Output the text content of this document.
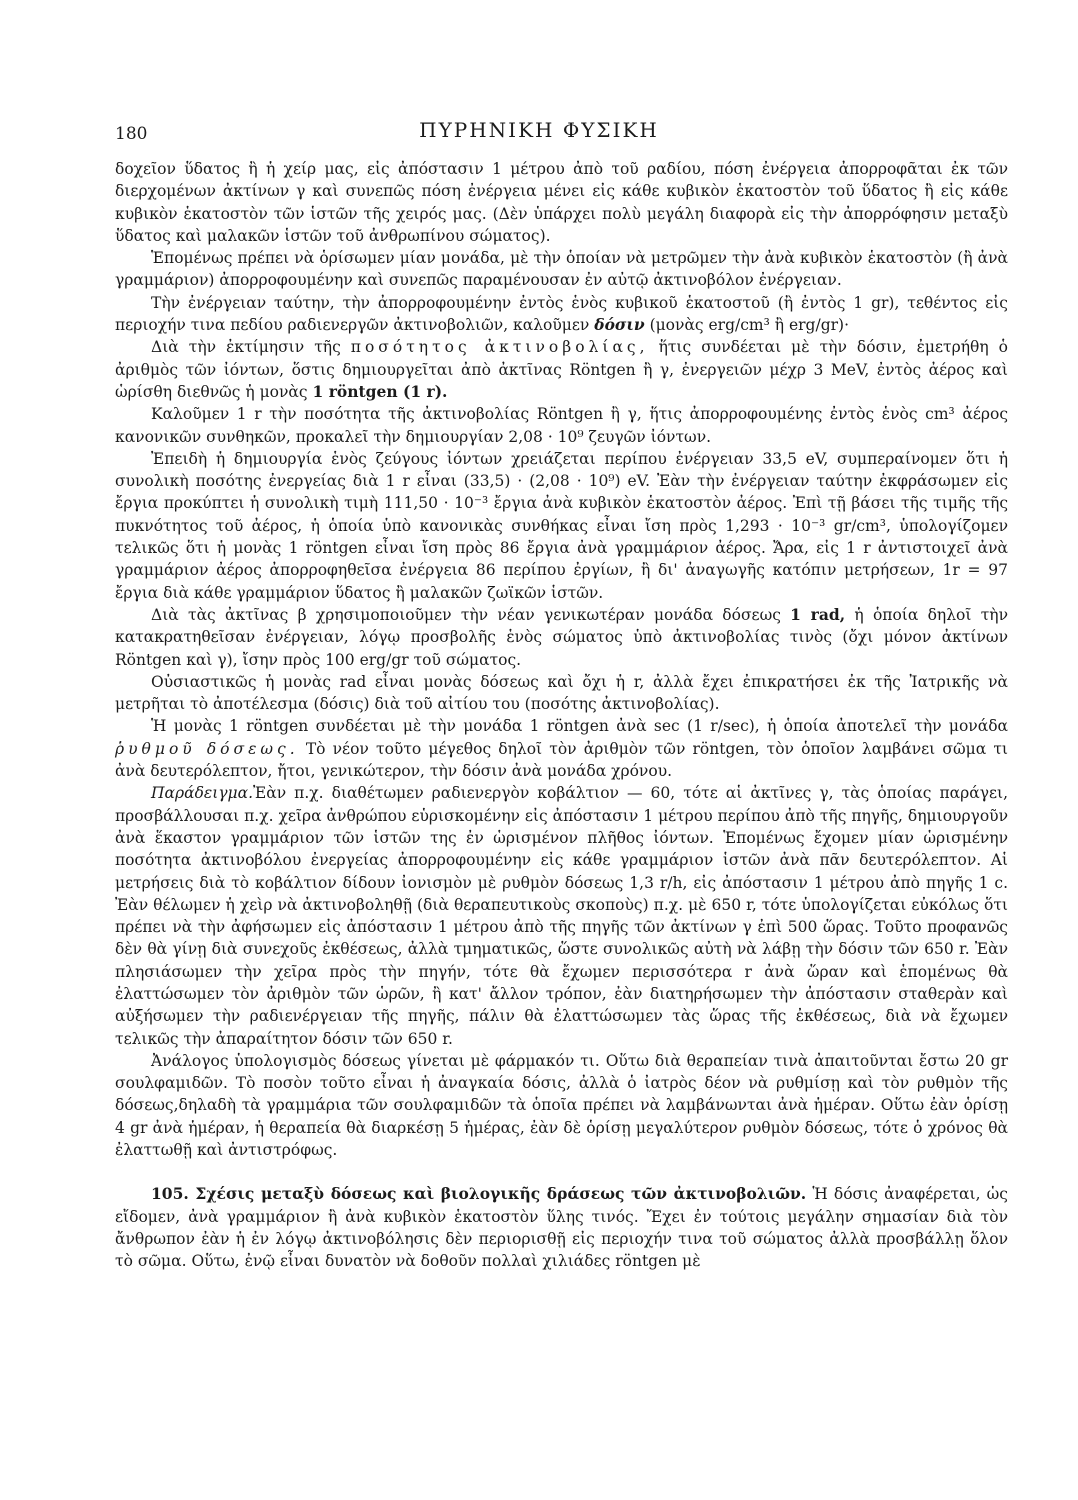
180	ΠΥΡΗΝΙΚΗ ΦΥΣΙΚΗ

δοχεῖον ὕδατος ἢ ἡ χείρ μας, εἰς ἀπόστασιν 1 μέτρου ἀπὸ τοῦ ραδίου, πόση ἐνέργεια ἀπορροφᾶται ἐκ τῶν διερχομένων ἀκτίνων γ καὶ συνεπῶς πόση ἐνέργεια μένει εἰς κάθε κυβικὸν ἑκατοστὸν τοῦ ὕδατος ἢ εἰς κάθε κυβικὸν ἑκατοστὸν τῶν ἱστῶν τῆς χειρός μας. (Δὲν ὑπάρχει πολὺ μεγάλη διαφορὰ εἰς τὴν ἀπορρόφησιν μεταξὺ ὕδατος καὶ μαλακῶν ἱστῶν τοῦ ἀνθρωπίνου σώματος).

Ἑπομένως πρέπει νὰ ὁρίσωμεν μίαν μονάδα, μὲ τὴν ὁποίαν νὰ μετρῶμεν τὴν ἀνὰ κυβικὸν ἑκατοστὸν (ἢ ἀνὰ γραμμάριον) ἀπορροφουμένην καὶ συνεπῶς παραμένουσαν ἐν αὐτῷ ἀκτινοβόλον ἐνέργειαν.

Τὴν ἐνέργειαν ταύτην, τὴν ἀπορροφουμένην ἐντὸς ἑνὸς κυβικοῦ ἑκατοστοῦ (ἢ ἐντὸς 1 gr), τεθέντος εἰς περιοχήν τινα πεδίου ραδιενεργῶν ἀκτινοβολιῶν, καλοῦμεν δόσιν (μονὰς erg/cm³ ἢ erg/gr)·

Διὰ τὴν ἐκτίμησιν τῆς ποσότητος ἀκτινοβολίας, ἥτις συνδέεται μὲ τὴν δόσιν, ἐμετρήθη ὁ ἀριθμὸς τῶν ἰόντων, ὅστις δημιουργεῖται ἀπὸ ἀκτῖνας Röntgen ἢ γ, ἐνεργειῶν μέχρ 3 MeV, ἐντὸς ἀέρος καὶ ὡρίσθη διεθνῶς ἡ μονὰς 1 röntgen (1 r).

Καλοῦμεν 1 r τὴν ποσότητα τῆς ἀκτινοβολίας Röntgen ἢ γ, ἥτις ἀπορροφουμένης ἐντὸς ἑνὸς cm³ ἀέρος κανονικῶν συνθηκῶν, προκαλεῖ τὴν δημιουργίαν 2,08 · 10⁹ ζευγῶν ἰόντων.

Ἐπειδὴ ἡ δημιουργία ἑνὸς ζεύγους ἰόντων χρειάζεται περίπου ἐνέργειαν 33,5 eV, συμπεραίνομεν ὅτι ἡ συνολικὴ ποσότης ἐνεργείας διὰ 1 r εἶναι (33,5) · (2,08 · 10⁹) eV. Ἐὰν τὴν ἐνέργειαν ταύτην ἐκφράσωμεν εἰς ἔργια προκύπτει ἡ συνολικὴ τιμὴ 111,50 · 10⁻³ ἔργια ἀνὰ κυβικὸν ἑκατοστὸν ἀέρος. Ἐπὶ τῇ βάσει τῆς τιμῆς τῆς πυκνότητος τοῦ ἀέρος, ἡ ὁποία ὑπὸ κανονικὰς συνθήκας εἶναι ἴση πρὸς 1,293 · 10⁻³ gr/cm³, ὑπολογίζομεν τελικῶς ὅτι ἡ μονὰς 1 röntgen εἶναι ἴση πρὸς 86 ἔργια ἀνὰ γραμμάριον ἀέρος. Ἄρα, εἰς 1 r ἀντιστοιχεῖ ἀνὰ γραμμάριον ἀέρος ἀπορροφηθεῖσα ἐνέργεια 86 περίπου ἐργίων, ἢ δι' ἀναγωγῆς κατόπιν μετρήσεων, 1r = 97 ἔργια διὰ κάθε γραμμάριον ὕδατος ἢ μαλακῶν ζωϊκῶν ἱστῶν.

Διὰ τὰς ἀκτῖνας β χρησιμοποιοῦμεν τὴν νέαν γενικωτέραν μονάδα δόσεως 1 rad, ἡ ὁποία δηλοῖ τὴν κατακρατηθεῖσαν ἐνέργειαν, λόγῳ προσβολῆς ἑνὸς σώματος ὑπὸ ἀκτινοβολίας τινὸς (ὄχι μόνον ἀκτίνων Röntgen καὶ γ), ἴσην πρὸς 100 erg/gr τοῦ σώματος.

Οὐσιαστικῶς ἡ μονὰς rad εἶναι μονὰς δόσεως καὶ ὄχι ἡ r, ἀλλὰ ἔχει ἐπικρατήσει ἐκ τῆς Ἰατρικῆς νὰ μετρῆται τὸ ἀποτέλεσμα (δόσις) διὰ τοῦ αἰτίου του (ποσότης ἀκτινοβολίας).

Ἡ μονὰς 1 röntgen συνδέεται μὲ τὴν μονάδα 1 röntgen ἀνὰ sec (1 r/sec), ἡ ὁποία ἀποτελεῖ τὴν μονάδα ῥυθμοῦ δόσεως. Τὸ νέον τοῦτο μέγεθος δηλοῖ τὸν ἀριθμὸν τῶν röntgen, τὸν ὁποῖον λαμβάνει σῶμα τι ἀνὰ δευτερόλεπτον, ἤτοι, γενικώτερον, τὴν δόσιν ἀνὰ μονάδα χρόνου.

Παράδειγμα.Ἐὰν π.χ. διαθέτωμεν ραδιενεργὸν κοβάλτιον — 60, τότε αἱ ἀκτῖνες γ, τὰς ὁποίας παράγει, προσβάλλουσαι π.χ. χεῖρα ἀνθρώπου εὑρισκομένην εἰς ἀπόστασιν 1 μέτρου περίπου ἀπὸ τῆς πηγῆς, δημιουργοῦν ἀνὰ ἕκαστον γραμμάριον τῶν ἱστῶν της ἐν ὡρισμένον πλῆθος ἰόντων. Ἑπομένως ἔχομεν μίαν ὡρισμένην ποσότητα ἀκτινοβόλου ἐνεργείας ἀπορροφουμένην εἰς κάθε γραμμάριον ἱστῶν ἀνὰ πᾶν δευτερόλεπτον. Αἱ μετρήσεις διὰ τὸ κοβάλτιον δίδουν ἰονισμὸν μὲ ρυθμὸν δόσεως 1,3 r/h, εἰς ἀπόστασιν 1 μέτρου ἀπὸ πηγῆς 1 c. Ἐὰν θέλωμεν ἡ χεὶρ νὰ ἀκτινοβοληθῇ (διὰ θεραπευτικοὺς σκοποὺς) π.χ. μὲ 650 r, τότε ὑπολογίζεται εὐκόλως ὅτι πρέπει νὰ τὴν ἀφήσωμεν εἰς ἀπόστασιν 1 μέτρου ἀπὸ τῆς πηγῆς τῶν ἀκτίνων γ ἐπὶ 500 ὥρας. Τοῦτο προφανῶς δὲν θὰ γίνῃ διὰ συνεχοῦς ἐκθέσεως, ἀλλὰ τμηματικῶς, ὥστε συνολικῶς αὐτὴ νὰ λάβῃ τὴν δόσιν τῶν 650 r. Ἐὰν πλησιάσωμεν τὴν χεῖρα πρὸς τὴν πηγήν, τότε θὰ ἔχωμεν περισσότερα r ἀνὰ ὥραν καὶ ἑπομένως θὰ ἐλαττώσωμεν τὸν ἀριθμὸν τῶν ὡρῶν, ἢ κατ' ἄλλον τρόπον, ἐὰν διατηρήσωμεν τὴν ἀπόστασιν σταθερὰν καὶ αὐξήσωμεν τὴν ραδιενέργειαν τῆς πηγῆς, πάλιν θὰ ἐλαττώσωμεν τὰς ὥρας τῆς ἐκθέσεως, διὰ νὰ ἔχωμεν τελικῶς τὴν ἀπαραίτητον δόσιν τῶν 650 r.

Ἀνάλογος ὑπολογισμὸς δόσεως γίνεται μὲ φάρμακόν τι. Οὕτω διὰ θεραπείαν τινὰ ἀπαιτοῦνται ἔστω 20 gr σουλφαμιδῶν. Τὸ ποσὸν τοῦτο εἶναι ἡ ἀναγκαία δόσις, ἀλλὰ ὁ ἰατρὸς δέον νὰ ρυθμίσῃ καὶ τὸν ρυθμὸν τῆς δόσεως,δηλαδὴ τὰ γραμμάρια τῶν σουλφαμιδῶν τὰ ὁποῖα πρέπει νὰ λαμβάνωνται ἀνὰ ἡμέραν. Οὕτω ἐὰν ὁρίσῃ 4 gr ἀνὰ ἡμέραν, ἡ θεραπεία θὰ διαρκέσῃ 5 ἡμέρας, ἐὰν δὲ ὁρίσῃ μεγαλύτερον ρυθμὸν δόσεως, τότε ὁ χρόνος θὰ ἐλαττωθῇ καὶ ἀντιστρόφως.

105. Σχέσις μεταξὺ δόσεως καὶ βιολογικῆς δράσεως τῶν ἀκτινοβολιῶν. Ἡ δόσις ἀναφέρεται, ὡς εἴδομεν, ἀνὰ γραμμάριον ἢ ἀνὰ κυβικὸν ἑκατοστὸν ὕλης τινός. Ἔχει ἐν τούτοις μεγάλην σημασίαν διὰ τὸν ἄνθρωπον ἐὰν ἡ ἐν λόγῳ ἀκτινοβόλησις δὲν περιορισθῇ εἰς περιοχήν τινα τοῦ σώματος ἀλλὰ προσβάλλῃ ὅλον τὸ σῶμα. Οὕτω, ἐνῷ εἶναι δυνατὸν νὰ δοθοῦν πολλαὶ χιλιάδες röntgen μὲ
